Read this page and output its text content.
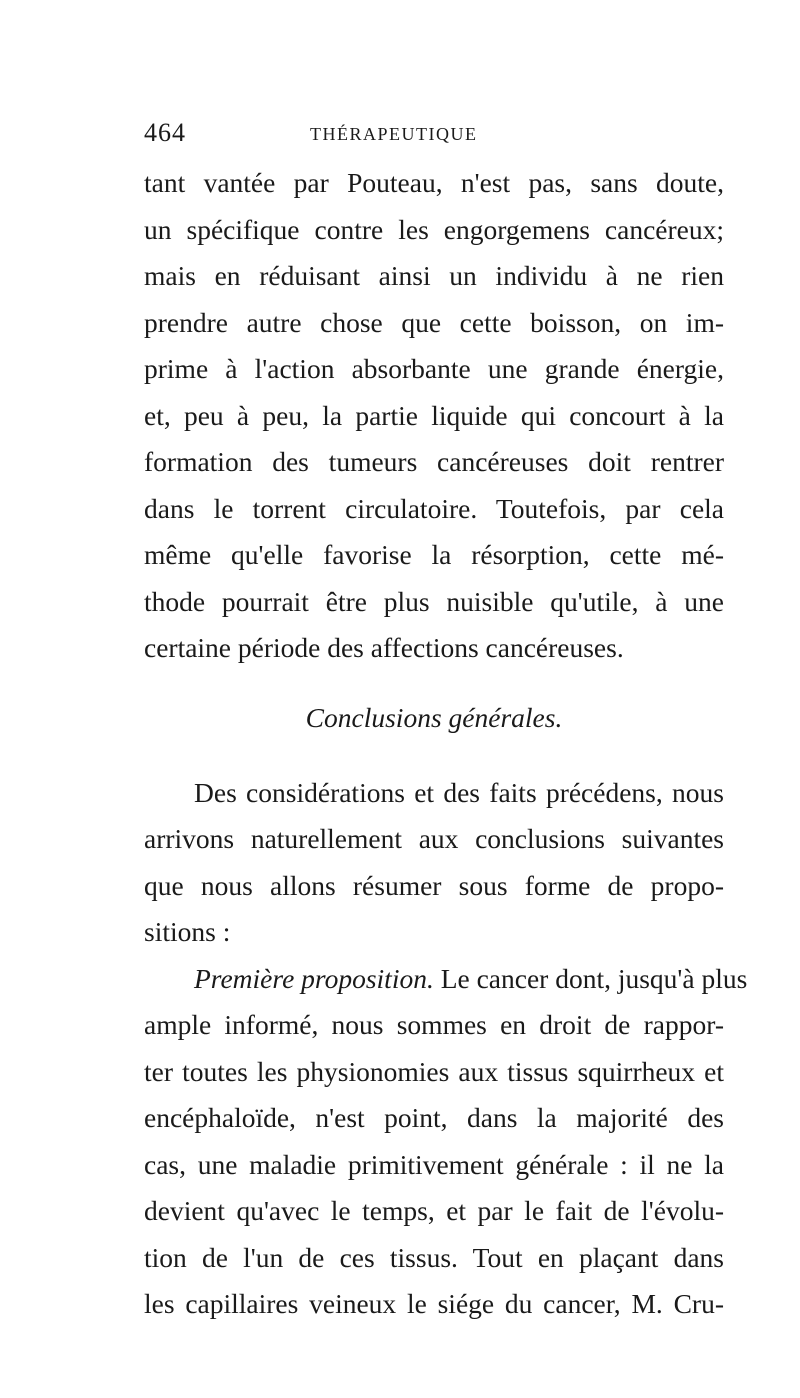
464	THÉRAPEUTIQUE
tant vantée par Pouteau, n'est pas, sans doute,
un spécifique contre les engorgemens cancéreux;
mais en réduisant ainsi un individu à ne rien
prendre autre chose que cette boisson, on im-
prime à l'action absorbante une grande énergie,
et, peu à peu, la partie liquide qui concourt à la
formation des tumeurs cancéreuses doit rentrer
dans le torrent circulatoire. Toutefois, par cela
même qu'elle favorise la résorption, cette mé-
thode pourrait être plus nuisible qu'utile, à une
certaine période des affections cancéreuses.
Conclusions générales.
Des considérations et des faits précédens, nous
arrivons naturellement aux conclusions suivantes
que nous allons résumer sous forme de propo-
sitions :
Première proposition. Le cancer dont, jusqu'à plus
ample informé, nous sommes en droit de rappor-
ter toutes les physionomies aux tissus squirrheux et
encéphaloïde, n'est point, dans la majorité des
cas, une maladie primitivement générale : il ne la
devient qu'avec le temps, et par le fait de l'évolu-
tion de l'un de ces tissus. Tout en plaçant dans
les capillaires veineux le siége du cancer, M. Cru-
